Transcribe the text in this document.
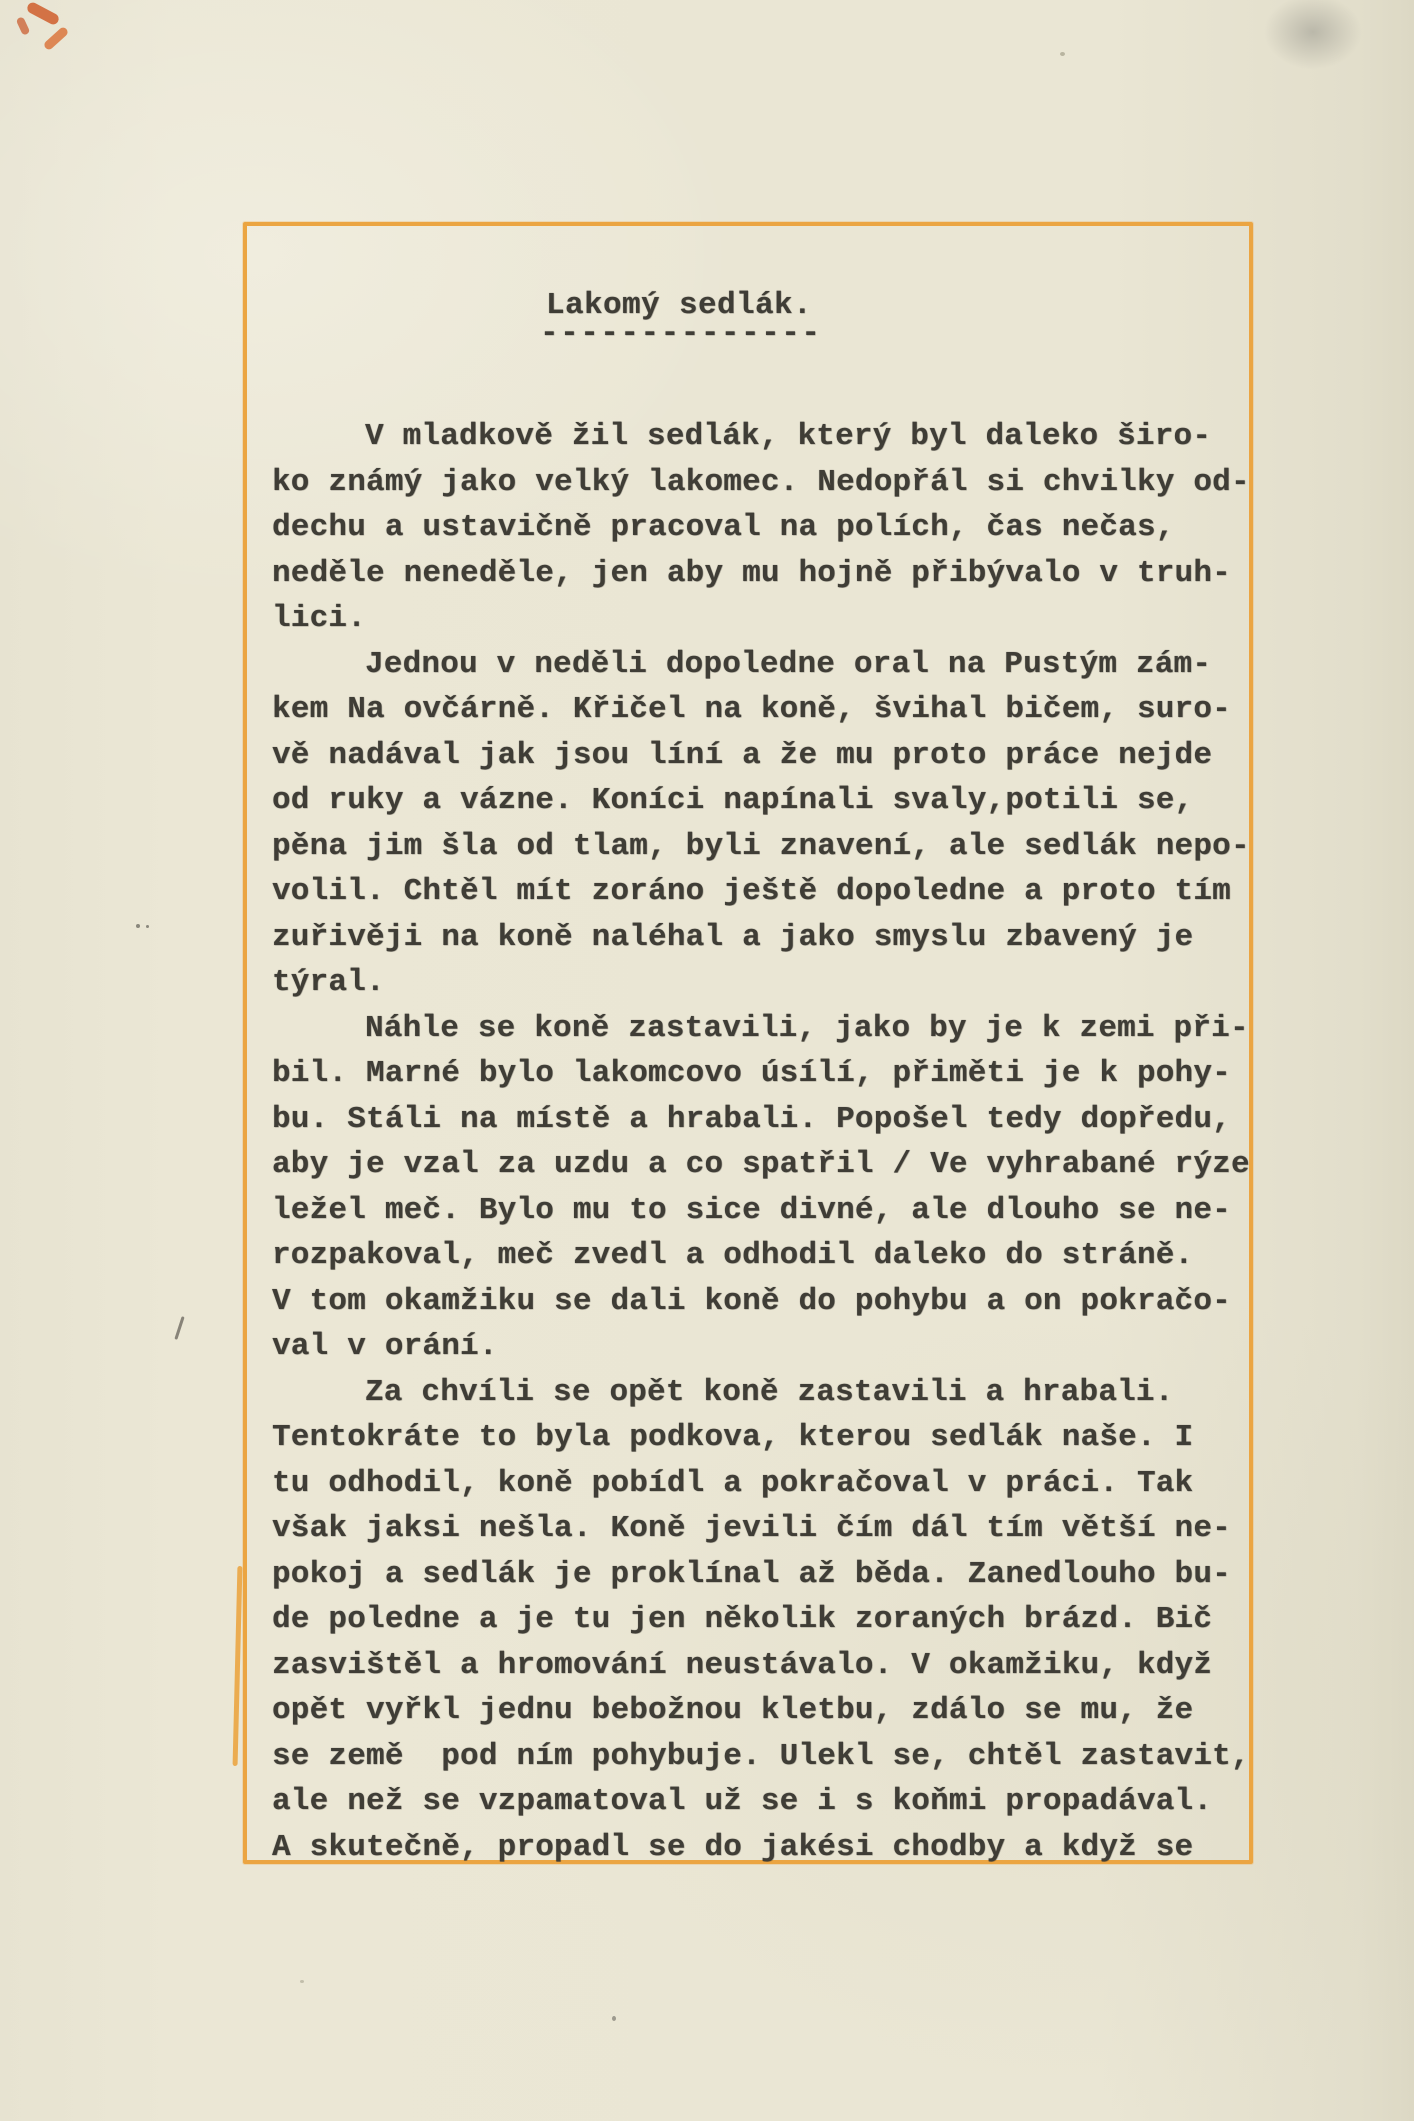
Lakomý sedlák.
--------------
V mladkově žil sedlák, který byl daleko širo-
ko známý jako velký lakomec. Nedopřál si chvilky od-
dechu a ustavičně pracoval na polích, čas nečas,
neděle neneděle, jen aby mu hojně přibývalo v truh-
lici.
Jednou v neděli dopoledne oral na Pustým zám-
kem Na ovčárně. Křičel na koně, švihal bičem, suro-
vě nadával jak jsou líní a že mu proto práce nejde
od ruky a vázne. Koníci napínali svaly,potili se,
pěna jim šla od tlam, byli znavení, ale sedlák nepo-
volil. Chtěl mít zoráno ještě dopoledne a proto tím
zuřivěji na koně naléhal a jako smyslu zbavený je
týral.
Náhle se koně zastavili, jako by je k zemi při-
bil. Marné bylo lakomcovo úsílí, přiměti je k pohy-
bu. Stáli na místě a hrabali. Popošel tedy dopředu,
aby je vzal za uzdu a co spatřil / Ve vyhrabané rýze
ležel meč. Bylo mu to sice divné, ale dlouho se ne-
rozpakoval, meč zvedl a odhodil daleko do stráně.
V tom okamžiku se dali koně do pohybu a on pokračo-
val v orání.
Za chvíli se opět koně zastavili a hrabali.
Tentokráte to byla podkova, kterou sedlák naše. I
tu odhodil, koně pobídl a pokračoval v práci. Tak
však jaksi nešla. Koně jevili čím dál tím větší ne-
pokoj a sedlák je proklínal až běda. Zanedlouho bu-
de poledne a je tu jen několik zoraných brázd. Bič
zasvištěl a hromování neustávalo. V okamžiku, když
opět vyřkl jednu bebožnou kletbu, zdálo se mu, že
se země  pod ním pohybuje. Ulekl se, chtěl zastavit,
ale než se vzpamatoval už se i s koňmi propadával.
A skutečně, propadl se do jakési chodby a když se
